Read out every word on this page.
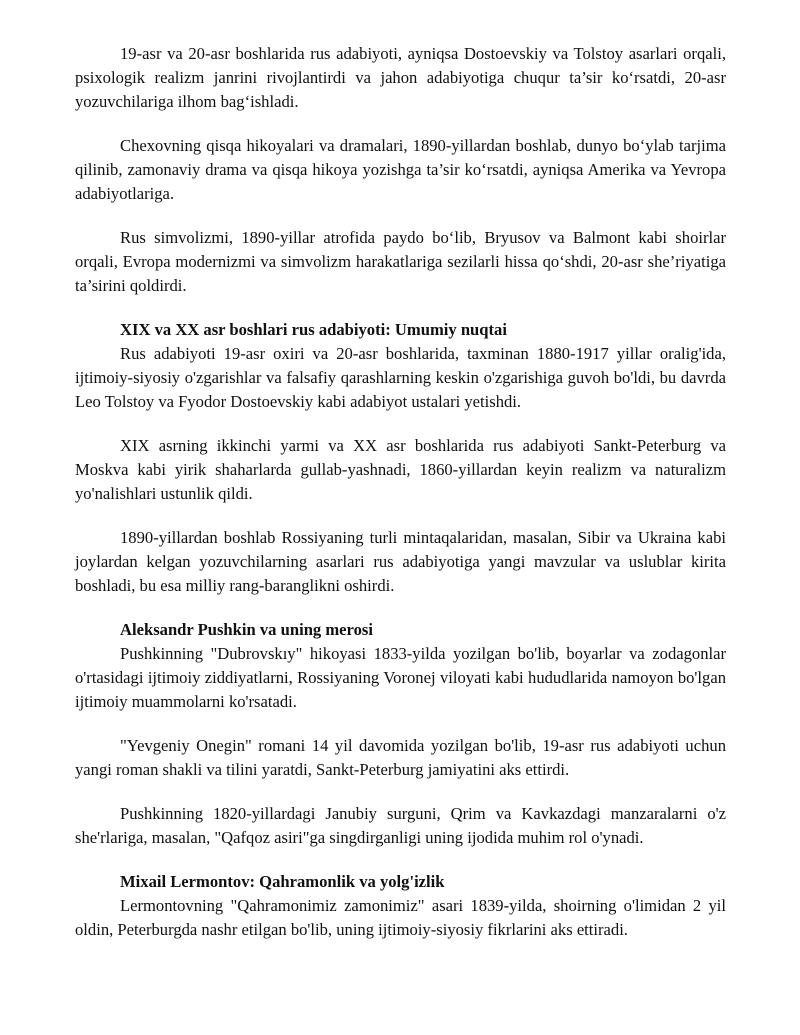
19-asr va 20-asr boshlarida rus adabiyoti, ayniqsa Dostoevskiy va Tolstoy asarlari orqali, psixologik realizm janrini rivojlantirdi va jahon adabiyotiga chuqur ta’sir ko‘rsatdi, 20-asr yozuvchilariga ilhom bag‘ishladi.

Chexovning qisqa hikoyalari va dramalari, 1890-yillardan boshlab, dunyo bo‘ylab tarjima qilinib, zamonaviy drama va qisqa hikoya yozishga ta’sir ko‘rsatdi, ayniqsa Amerika va Yevropa adabiyotlariga.

Rus simvolizmi, 1890-yillar atrofida paydo bo‘lib, Bryusov va Balmont kabi shoirlar orqali, Evropa modernizmi va simvolizm harakatlariga sezilarli hissa qo‘shdi, 20-asr she’riyatiga ta’sirini qoldirdi.

XIX va XX asr boshlari rus adabiyoti: Umumiy nuqtai

Rus adabiyoti 19-asr oxiri va 20-asr boshlarida, taxminan 1880-1917 yillar oralig'ida, ijtimoiy-siyosiy o'zgarishlar va falsafiy qarashlarning keskin o'zgarishiga guvoh bo'ldi, bu davrda Leo Tolstoy va Fyodor Dostoevskiy kabi adabiyot ustalari yetishdi.

XIX asrning ikkinchi yarmi va XX asr boshlarida rus adabiyoti Sankt-Peterburg va Moskva kabi yirik shaharlarda gullab-yashnadi, 1860-yillardan keyin realizm va naturalizm yo'nalishlari ustunlik qildi.

1890-yillardan boshlab Rossiyaning turli mintaqalaridan, masalan, Sibir va Ukraina kabi joylardan kelgan yozuvchilarning asarlari rus adabiyotiga yangi mavzular va uslublar kirita boshladi, bu esa milliy rang-baranglikni oshirdi.

Aleksandr Pushkin va uning merosi

Pushkinning "Dubrovskıy" hikoyasi 1833-yilda yozilgan bo'lib, boyarlar va zodagonlar o'rtasidagi ijtimoiy ziddiyatlarni, Rossiyaning Voronej viloyati kabi hududlarida namoyon bo'lgan ijtimoiy muammolarni ko'rsatadi.

"Yevgeniy Onegin" romani 14 yil davomida yozilgan bo'lib, 19-asr rus adabiyoti uchun yangi roman shakli va tilini yaratdi, Sankt-Peterburg jamiyatini aks ettirdi.

Pushkinning 1820-yillardagi Janubiy surguni, Qrim va Kavkazdagi manzaralarni o'z she'rlariga, masalan, "Qafqoz asiri"ga singdirganligi uning ijodida muhim rol o'ynadi.

Mixail Lermontov: Qahramonlik va yolg'izlik

Lermontovning "Qahramonimiz zamonimiz" asari 1839-yilda, shoirning o'limidan 2 yil oldin, Peterburgda nashr etilgan bo'lib, uning ijtimoiy-siyosiy fikrlarini aks ettiradi.
